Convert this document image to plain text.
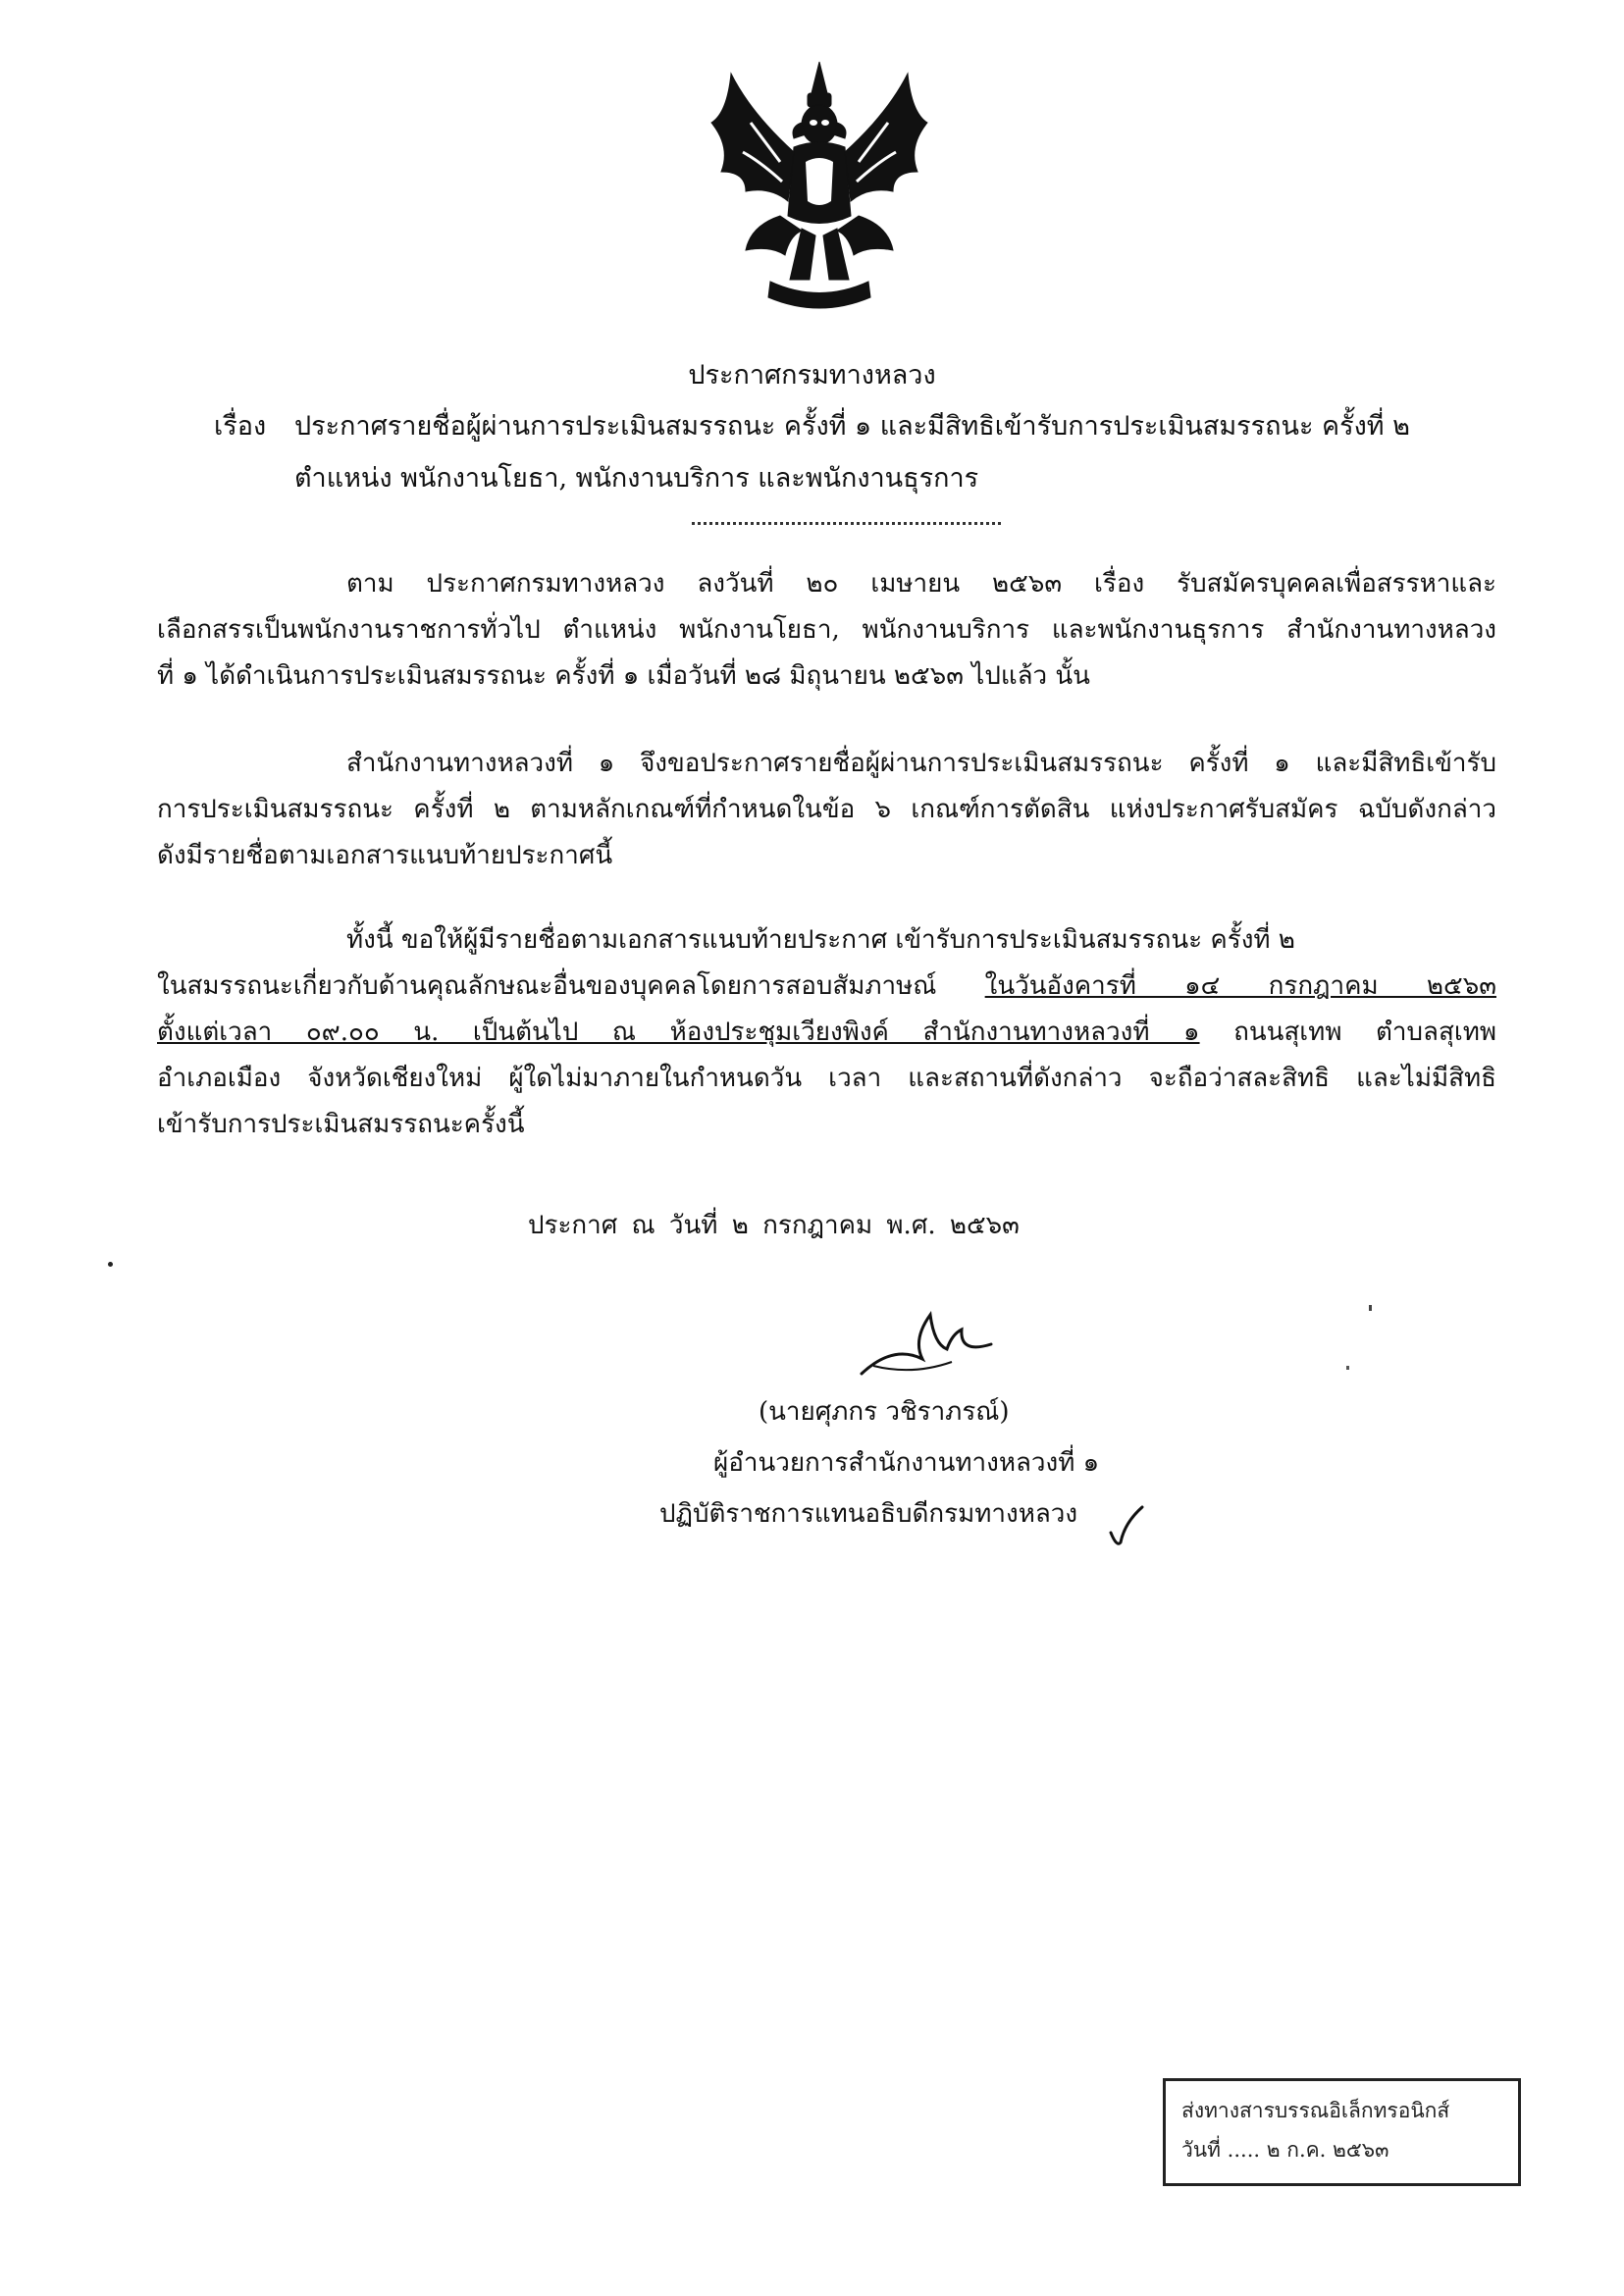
ประกาศกรมทางหลวง
เรื่อง ประกาศรายชื่อผู้ผ่านการประเมินสมรรถนะ ครั้งที่ ๑ และมีสิทธิเข้ารับการประเมินสมรรถนะ ครั้งที่ ๒
ตำแหน่ง พนักงานโยธา, พนักงานบริการ และพนักงานธุรการ
ตาม ประกาศกรมทางหลวง ลงวันที่ ๒๐ เมษายน ๒๕๖๓ เรื่อง รับสมัครบุคคลเพื่อสรรหาและ
เลือกสรรเป็นพนักงานราชการทั่วไป ตำแหน่ง พนักงานโยธา, พนักงานบริการ และพนักงานธุรการ สำนักงานทางหลวง
ที่ ๑ ได้ดำเนินการประเมินสมรรถนะ ครั้งที่ ๑ เมื่อวันที่ ๒๘ มิถุนายน ๒๕๖๓ ไปแล้ว นั้น
สำนักงานทางหลวงที่ ๑ จึงขอประกาศรายชื่อผู้ผ่านการประเมินสมรรถนะ ครั้งที่ ๑ และมีสิทธิเข้ารับ
การประเมินสมรรถนะ ครั้งที่ ๒ ตามหลักเกณฑ์ที่กำหนดในข้อ ๖ เกณฑ์การตัดสิน แห่งประกาศรับสมัคร ฉบับดังกล่าว
ดังมีรายชื่อตามเอกสารแนบท้ายประกาศนี้
ทั้งนี้ ขอให้ผู้มีรายชื่อตามเอกสารแนบท้ายประกาศ เข้ารับการประเมินสมรรถนะ ครั้งที่ ๒
ในสมรรถนะเกี่ยวกับด้านคุณลักษณะอื่นของบุคคลโดยการสอบสัมภาษณ์ ในวันอังคารที่ ๑๔ กรกฎาคม ๒๕๖๓
ตั้งแต่เวลา ๐๙.๐๐ น. เป็นต้นไป ณ ห้องประชุมเวียงพิงค์ สำนักงานทางหลวงที่ ๑ ถนนสุเทพ ตำบลสุเทพ
อำเภอเมือง จังหวัดเชียงใหม่ ผู้ใดไม่มาภายในกำหนดวัน เวลา และสถานที่ดังกล่าว จะถือว่าสละสิทธิ และไม่มีสิทธิ
เข้ารับการประเมินสมรรถนะครั้งนี้
ประกาศ ณ วันที่ ๒ กรกฎาคม พ.ศ. ๒๕๖๓
(นายศุภกร วชิราภรณ์)
ผู้อำนวยการสำนักงานทางหลวงที่ ๑
ปฏิบัติราชการแทนอธิบดีกรมทางหลวง
ส่งทางสารบรรณอิเล็กทรอนิกส์
วันที่ ..... ๒ ก.ค. ๒๕๖๓
